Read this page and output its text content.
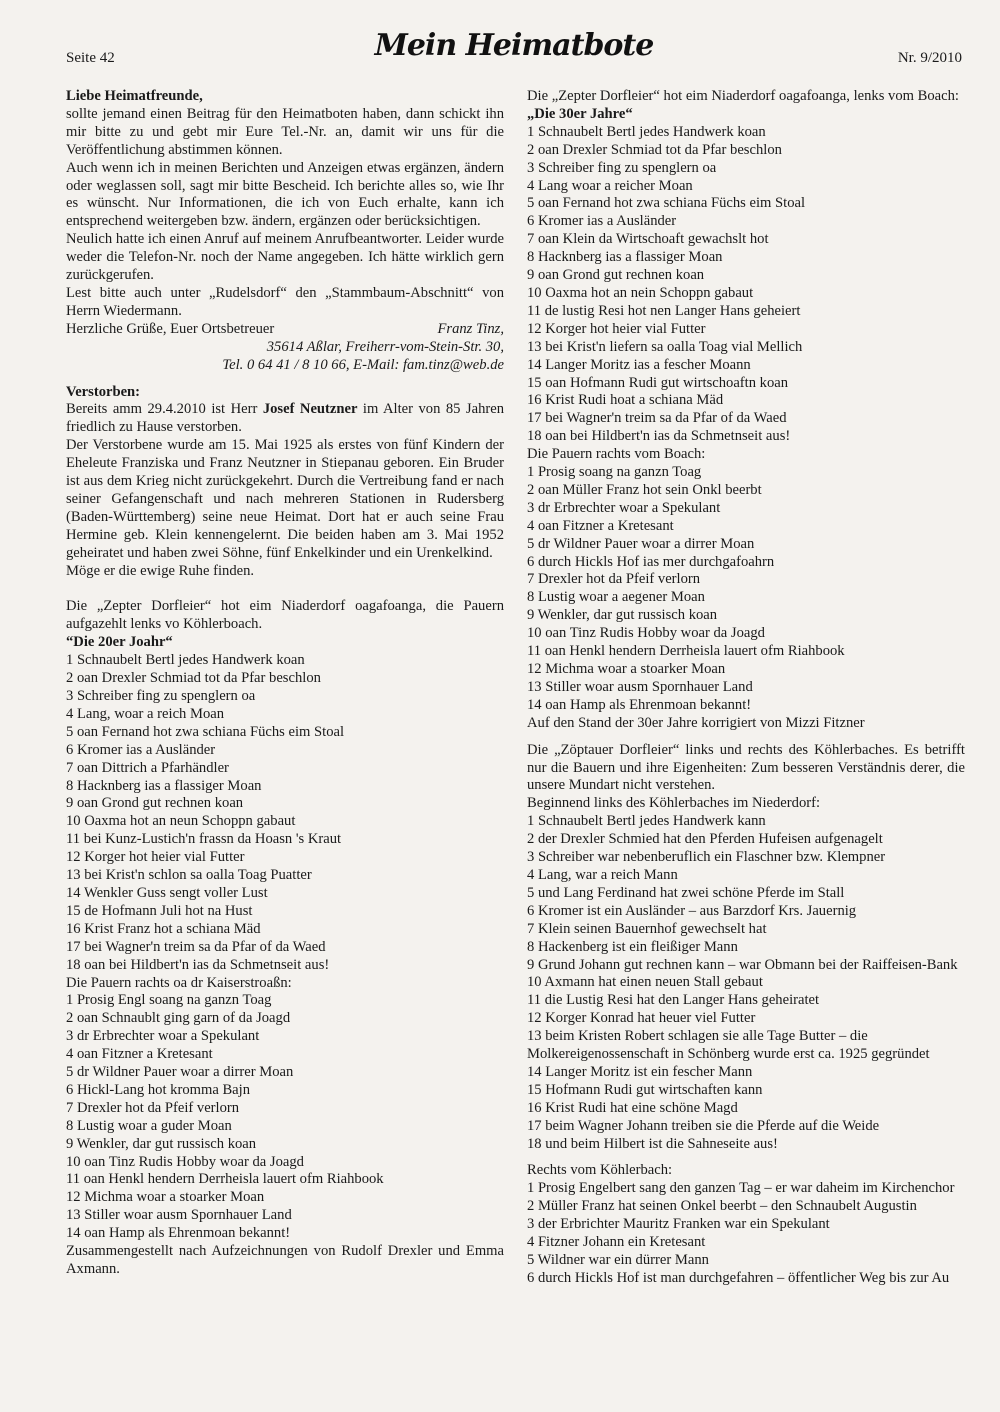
Seite 42	Mein Heimatbote	Nr. 9/2010

Liebe Heimatfreunde,

sollte jemand einen Beitrag für den Heimatboten haben, dann schickt ihn mir bitte zu und gebt mir Eure Tel.-Nr. an, damit wir uns für die Veröffentlichung abstimmen können.

Auch wenn ich in meinen Berichten und Anzeigen etwas ergänzen, ändern oder weglassen soll, sagt mir bitte Bescheid. Ich berichte alles so, wie Ihr es wünscht. Nur Informationen, die ich von Euch erhalte, kann ich entsprechend weitergeben bzw. ändern, ergänzen oder berücksichtigen.

Neulich hatte ich einen Anruf auf meinem Anrufbeantworter. Leider wurde weder die Telefon-Nr. noch der Name angegeben. Ich hätte wirklich gern zurückgerufen.

Lest bitte auch unter „Rudelsdorf“ den „Stammbaum-Abschnitt“ von Herrn Wiedermann.

Herzliche Grüße, Euer Ortsbetreuer	Franz Tinz,

35614 Aßlar, Freiherr-vom-Stein-Str. 30,

Tel. 0 64 41 / 8 10 66, E-Mail: fam.tinz@web.de

Verstorben:

Bereits amm 29.4.2010 ist Herr Josef Neutzner im Alter von 85 Jahren friedlich zu Hause verstorben.

Der Verstorbene wurde am 15. Mai 1925 als erstes von fünf Kindern der Eheleute Franziska und Franz Neutzner in Stiepanau geboren. Ein Bruder ist aus dem Krieg nicht zurückgekehrt. Durch die Vertreibung fand er nach seiner Gefangenschaft und nach mehreren Stationen in Rudersberg (Baden-Württemberg) seine neue Heimat. Dort hat er auch seine Frau Hermine geb. Klein kennengelernt. Die beiden haben am 3. Mai 1952 geheiratet und haben zwei Söhne, fünf Enkelkinder und ein Urenkelkind.

Möge er die ewige Ruhe finden.

Die „Zepter Dorfleier“ hot eim Niaderdorf oagafoanga, die Pauern aufgazehlt lenks vo Köhlerboach.

“Die 20er Joahr“

1 Schnaubelt Bertl jedes Handwerk koan
2 oan Drexler Schmiad tot da Pfar beschlon
3 Schreiber fing zu spenglern oa
4 Lang, woar a reich Moan
5 oan Fernand hot zwa schiana Füchs eim Stoal
6 Kromer ias a Ausländer
7 oan Dittrich a Pfarhändler
8 Hacknberg ias a flassiger Moan
9 oan Grond gut rechnen koan
10 Oaxma hot an neun Schoppn gabaut
11 bei Kunz-Lustich'n frassn da Hoasn 's Kraut
12 Korger hot heier vial Futter
13 bei Krist'n schlon sa oalla Toag Puatter
14 Wenkler Guss sengt voller Lust
15 de Hofmann Juli hot na Hust
16 Krist Franz hot a schiana Mäd
17 bei Wagner'n treim sa da Pfar of da Waed
18 oan bei Hildbert'n ias da Schmetnseit aus!

Die Pauern rachts oa dr Kaiserstroaßn:

1 Prosig Engl soang na ganzn Toag
2 oan Schnaublt ging garn of da Joagd
3 dr Erbrechter woar a Spekulant
4 oan Fitzner a Kretesant
5 dr Wildner Pauer woar a dirrer Moan
6 Hickl-Lang hot kromma Bajn
7 Drexler hot da Pfeif verlorn
8 Lustig woar a guder Moan
9 Wenkler, dar gut russisch koan
10 oan Tinz Rudis Hobby woar da Joagd
11 oan Henkl hendern Derrheisla lauert ofm Riahbook
12 Michma woar a stoarker Moan
13 Stiller woar ausm Spornhauer Land
14 oan Hamp als Ehrenmoan bekannt!

Zusammengestellt nach Aufzeichnungen von Rudolf Drexler und Emma Axmann.

Die „Zepter Dorfleier“ hot eim Niaderdorf oagafoanga, lenks vom Boach:

„Die 30er Jahre“

1 Schnaubelt Bertl jedes Handwerk koan
2 oan Drexler Schmiad tot da Pfar beschlon
3 Schreiber fing zu spenglern oa
4 Lang woar a reicher Moan
5 oan Fernand hot zwa schiana Füchs eim Stoal
6 Kromer ias a Ausländer
7 oan Klein da Wirtschoaft gewachslt hot
8 Hacknberg ias a flassiger Moan
9 oan Grond gut rechnen koan
10 Oaxma hot an nein Schoppn gabaut
11 de lustig Resi hot nen Langer Hans geheiert
12 Korger hot heier vial Futter
13 bei Krist'n liefern sa oalla Toag vial Mellich
14 Langer Moritz ias a fescher Moann
15 oan Hofmann Rudi gut wirtschoaftn koan
16 Krist Rudi hoat a schiana Mäd
17 bei Wagner'n treim sa da Pfar of da Waed
18 oan bei Hildbert'n ias da Schmetnseit aus!

Die Pauern rachts vom Boach:

1 Prosig soang na ganzn Toag
2 oan Müller Franz hot sein Onkl beerbt
3 dr Erbrechter woar a Spekulant
4 oan Fitzner a Kretesant
5 dr Wildner Pauer woar a dirrer Moan
6 durch Hickls Hof ias mer durchgafoahrn
7 Drexler hot da Pfeif verlorn
8 Lustig woar a aegener Moan
9 Wenkler, dar gut russisch koan
10 oan Tinz Rudis Hobby woar da Joagd
11 oan Henkl hendern Derrheisla lauert ofm Riahbook
12 Michma woar a stoarker Moan
13 Stiller woar ausm Spornhauer Land
14 oan Hamp als Ehrenmoan bekannt!

Auf den Stand der 30er Jahre korrigiert von Mizzi Fitzner

Die „Zöptauer Dorfleier“ links und rechts des Köhlerbaches. Es betrifft nur die Bauern und ihre Eigenheiten: Zum besseren Verständnis derer, die unsere Mundart nicht verstehen.

Beginnend links des Köhlerbaches im Niederdorf:

1 Schnaubelt Bertl jedes Handwerk kann
2 der Drexler Schmied hat den Pferden Hufeisen aufgenagelt
3 Schreiber war nebenberuflich ein Flaschner bzw. Klempner
4 Lang, war a reich Mann
5 und Lang Ferdinand hat zwei schöne Pferde im Stall
6 Kromer ist ein Ausländer – aus Barzdorf Krs. Jauernig
7 Klein seinen Bauernhof gewechselt hat
8 Hackenberg ist ein fleißiger Mann
9 Grund Johann gut rechnen kann – war Obmann bei der Raiffeisen-Bank
10 Axmann hat einen neuen Stall gebaut
11 die Lustig Resi hat den Langer Hans geheiratet
12 Korger Konrad hat heuer viel Futter
13 beim Kristen Robert schlagen sie alle Tage Butter – die Molkereigenossenschaft in Schönberg wurde erst ca. 1925 gegründet
14 Langer Moritz ist ein fescher Mann
15 Hofmann Rudi gut wirtschaften kann
16 Krist Rudi hat eine schöne Magd
17 beim Wagner Johann treiben sie die Pferde auf die Weide
18 und beim Hilbert ist die Sahneseite aus!

Rechts vom Köhlerbach:

1 Prosig Engelbert sang den ganzen Tag – er war daheim im Kirchenchor
2 Müller Franz hat seinen Onkel beerbt – den Schnaubelt Augustin
3 der Erbrichter Mauritz Franken war ein Spekulant
4 Fitzner Johann ein Kretesant
5 Wildner war ein dürrer Mann
6 durch Hickls Hof ist man durchgefahren – öffentlicher Weg bis zur Au
